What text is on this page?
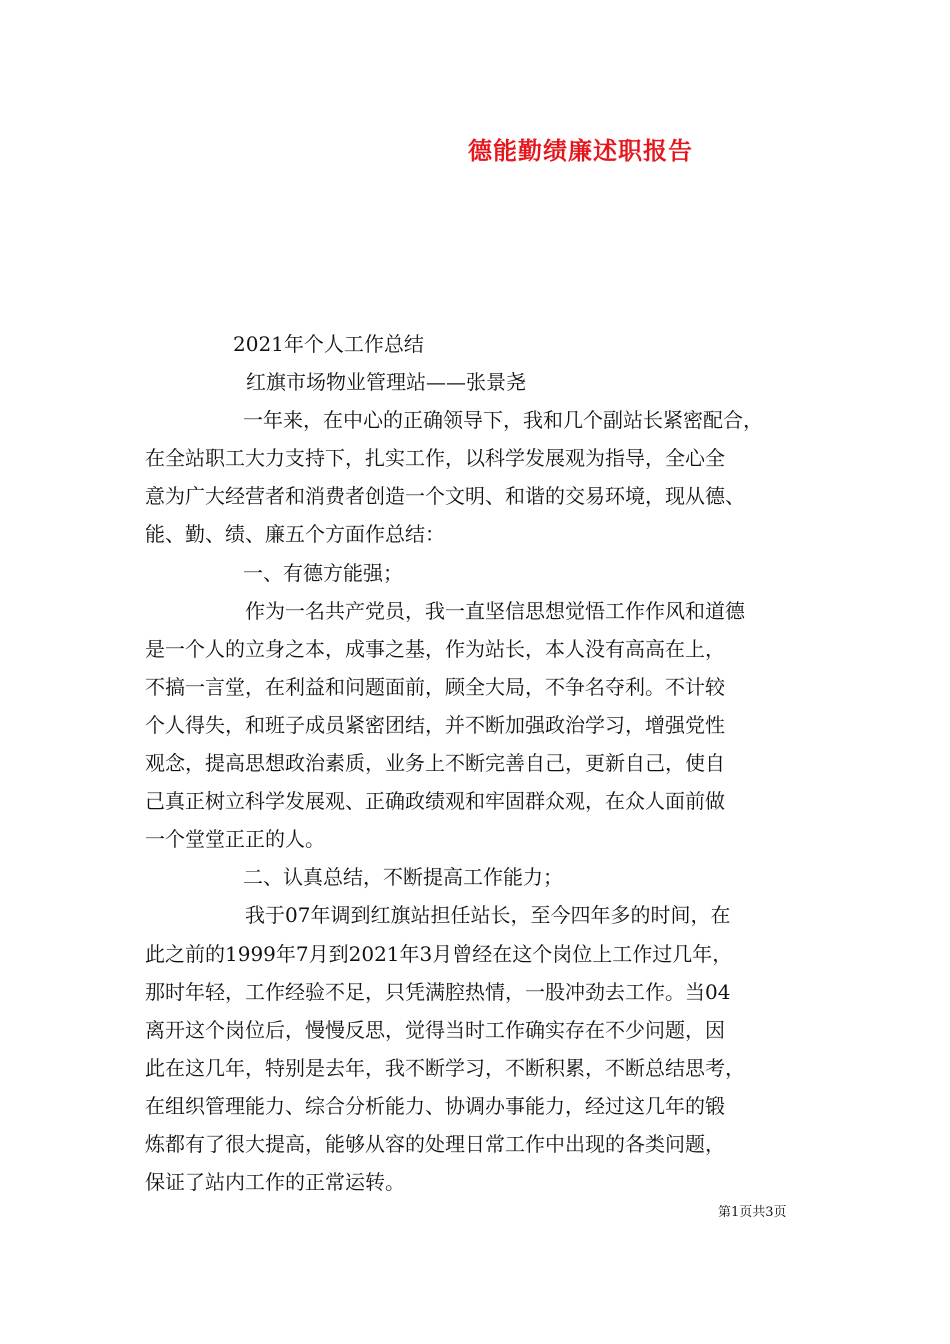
德能勤绩廉述职报告
2021年个人工作总结
红旗市场物业管理站——张景尧
一年来，在中心的正确领导下，我和几个副站长紧密配合，
在全站职工大力支持下，扎实工作，以科学发展观为指导，全心全
意为广大经营者和消费者创造一个文明、和谐的交易环境，现从德、
能、勤、绩、廉五个方面作总结：
一、有德方能强；
作为一名共产党员，我一直坚信思想觉悟工作作风和道德
是一个人的立身之本，成事之基，作为站长，本人没有高高在上，
不搞一言堂，在利益和问题面前，顾全大局，不争名夺利。不计较
个人得失，和班子成员紧密团结，并不断加强政治学习，增强党性
观念，提高思想政治素质，业务上不断完善自己，更新自己，使自
己真正树立科学发展观、正确政绩观和牢固群众观，在众人面前做
一个堂堂正正的人。
二、认真总结，不断提高工作能力；
我于07年调到红旗站担任站长，至今四年多的时间，在
此之前的1999年7月到2021年3月曾经在这个岗位上工作过几年，
那时年轻，工作经验不足，只凭满腔热情，一股冲劲去工作。当04
离开这个岗位后，慢慢反思，觉得当时工作确实存在不少问题，因
此在这几年，特别是去年，我不断学习，不断积累，不断总结思考，
在组织管理能力、综合分析能力、协调办事能力，经过这几年的锻
炼都有了很大提高，能够从容的处理日常工作中出现的各类问题，
保证了站内工作的正常运转。
第1页共3页
